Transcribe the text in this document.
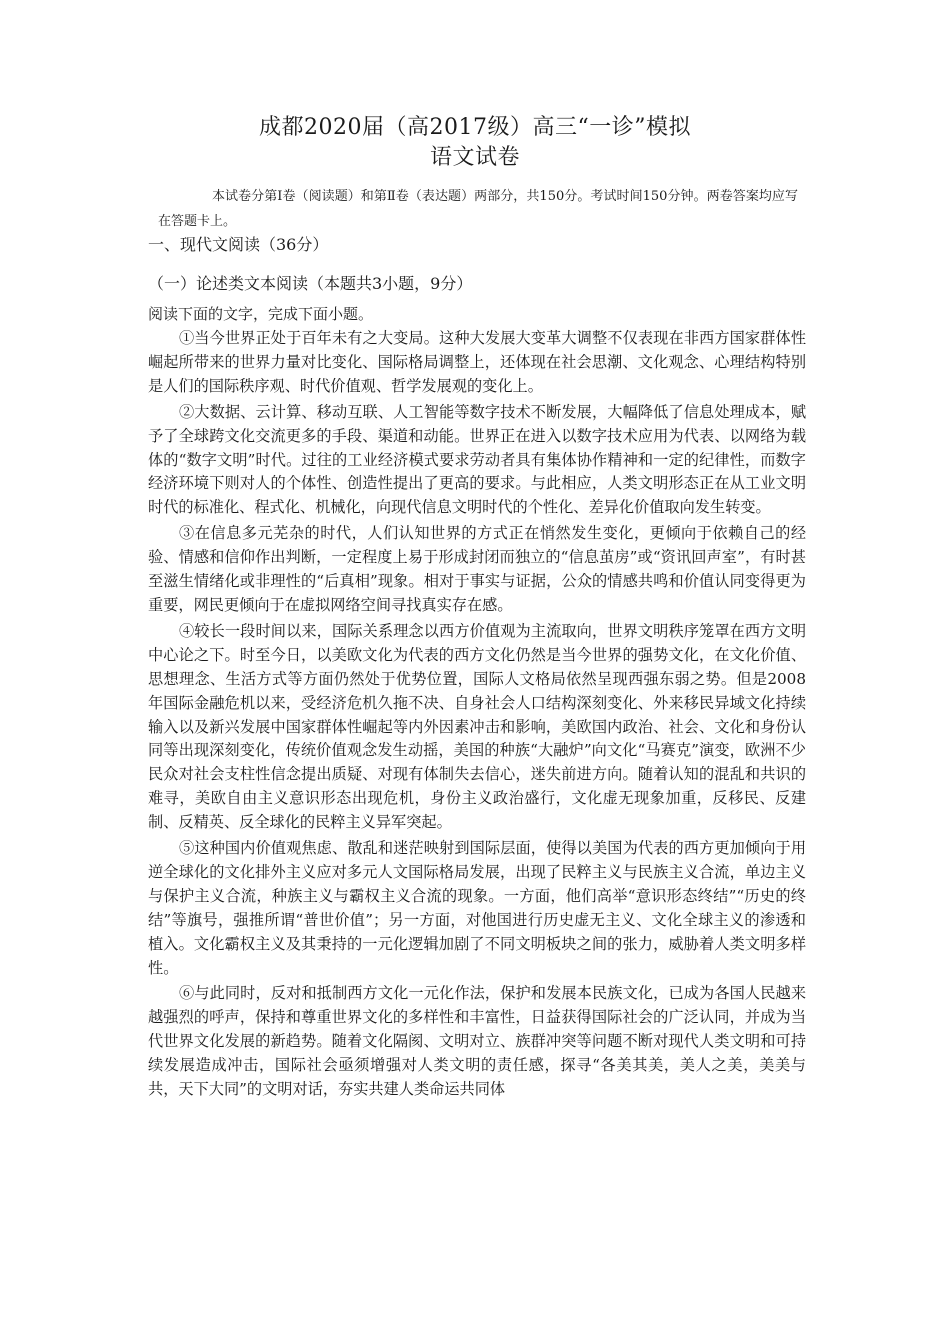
成都2020届（高2017级）高三“一诊”模拟
语文试卷
本试卷分第Ⅰ卷（阅读题）和第Ⅱ卷（表达题）两部分，共150分。考试时间150分钟。两卷答案均应写在答题卡上。
一、现代文阅读（36分）
（一）论述类文本阅读（本题共3小题，9分）
阅读下面的文字，完成下面小题。

①当今世界正处于百年未有之大变局。这种大发展大变革大调整不仅表现在非西方国家群体性崛起所带来的世界力量对比变化、国际格局调整上，还体现在社会思潮、文化观念、心理结构特别是人们的国际秩序观、时代价值观、哲学发展观的变化上。

②大数据、云计算、移动互联、人工智能等数字技术不断发展，大幅降低了信息处理成本，赋予了全球跨文化交流更多的手段、渠道和动能。世界正在进入以数字技术应用为代表、以网络为载体的“数字文明”时代。过往的工业经济模式要求劳动者具有集体协作精神和一定的纪律性，而数字经济环境下则对人的个体性、创造性提出了更高的要求。与此相应，人类文明形态正在从工业文明时代的标准化、程式化、机械化，向现代信息文明时代的个性化、差异化价值取向发生转变。

③在信息多元芜杂的时代，人们认知世界的方式正在悄然发生变化，更倾向于依赖自己的经验、情感和信仰作出判断，一定程度上易于形成封闭而独立的“信息茧房”或“资讯回声室”，有时甚至滋生情绪化或非理性的“后真相”现象。相对于事实与证据，公众的情感共鸣和价值认同变得更为重要，网民更倾向于在虚拟网络空间寻找真实存在感。

④较长一段时间以来，国际关系理念以西方价值观为主流取向，世界文明秩序笼罩在西方文明中心论之下。时至今日，以美欧文化为代表的西方文化仍然是当今世界的强势文化，在文化价值、思想理念、生活方式等方面仍然处于优势位置，国际人文格局依然呈现西强东弱之势。但是2008年国际金融危机以来，受经济危机久拖不决、自身社会人口结构深刻变化、外来移民异域文化持续输入以及新兴发展中国家群体性崛起等内外因素冲击和影响，美欧国内政治、社会、文化和身份认同等出现深刻变化，传统价值观念发生动摇，美国的种族“大融炉”向文化“马赛克”演变，欧洲不少民众对社会支柱性信念提出质疑、对现有体制失去信心，迷失前进方向。随着认知的混乱和共识的难寻，美欧自由主义意识形态出现危机，身份主义政治盛行，文化虚无现象加重，反移民、反建制、反精英、反全球化的民粹主义异军突起。

⑤这种国内价值观焦虑、散乱和迷茫映射到国际层面，使得以美国为代表的西方更加倾向于用逆全球化的文化排外主义应对多元人文国际格局发展，出现了民粹主义与民族主义合流，单边主义与保护主义合流，种族主义与霸权主义合流的现象。一方面，他们高举“意识形态终结”“历史的终结”等旗号，强推所谓“普世价值”；另一方面，对他国进行历史虚无主义、文化全球主义的渗透和植入。文化霸权主义及其秉持的一元化逻辑加剧了不同文明板块之间的张力，威胁着人类文明多样性。

⑥与此同时，反对和抵制西方文化一元化作法，保护和发展本民族文化，已成为各国人民越来越强烈的呼声，保持和尊重世界文化的多样性和丰富性，日益获得国际社会的广泛认同，并成为当代世界文化发展的新趋势。随着文化隔阂、文明对立、族群冲突等问题不断对现代人类文明和可持续发展造成冲击，国际社会亟须增强对人类文明的责任感，探寻“各美其美，美人之美，美美与共，天下大同”的文明对话，夯实共建人类命运共同体
